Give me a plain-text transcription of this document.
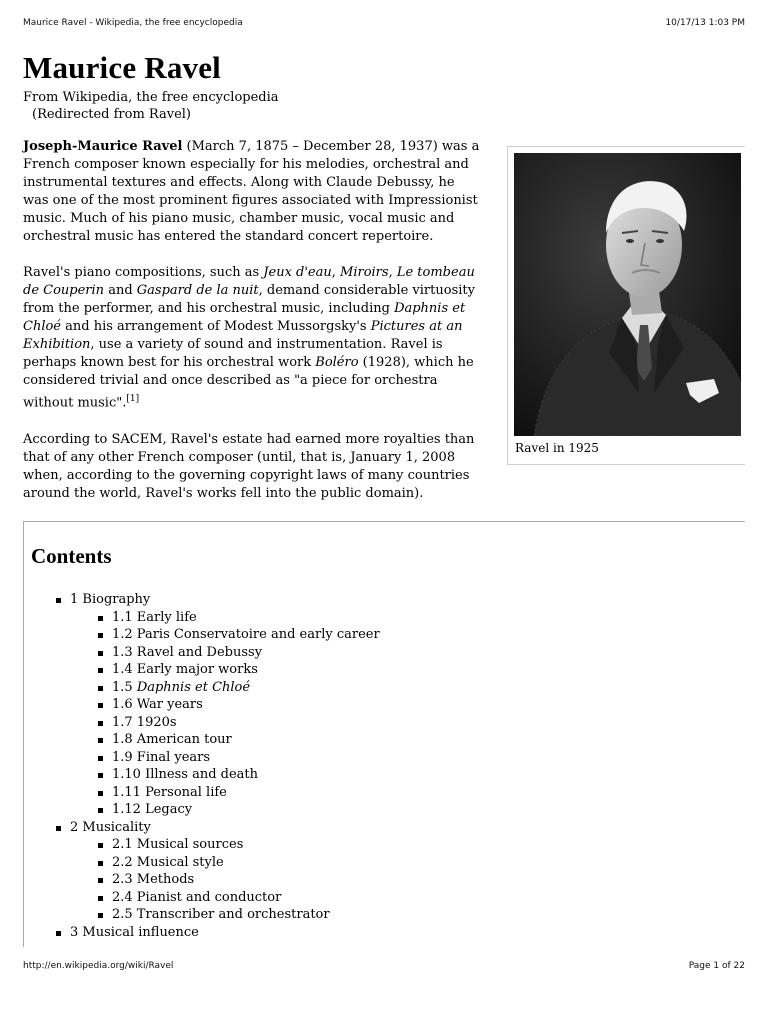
Maurice Ravel - Wikipedia, the free encyclopedia	10/17/13 1:03 PM
Maurice Ravel
From Wikipedia, the free encyclopedia
(Redirected from Ravel)

Joseph-Maurice Ravel (March 7, 1875 – December 28, 1937) was a French composer known especially for his melodies, orchestral and instrumental textures and effects. Along with Claude Debussy, he was one of the most prominent figures associated with Impressionist music. Much of his piano music, chamber music, vocal music and orchestral music has entered the standard concert repertoire.

Ravel's piano compositions, such as Jeux d'eau, Miroirs, Le tombeau de Couperin and Gaspard de la nuit, demand considerable virtuosity from the performer, and his orchestral music, including Daphnis et Chloé and his arrangement of Modest Mussorgsky's Pictures at an Exhibition, use a variety of sound and instrumentation. Ravel is perhaps known best for his orchestral work Boléro (1928), which he considered trivial and once described as "a piece for orchestra without music".[1]

According to SACEM, Ravel's estate had earned more royalties than that of any other French composer (until, that is, January 1, 2008 when, according to the governing copyright laws of many countries around the world, Ravel's works fell into the public domain).

Ravel in 1925
Contents
1 Biography
1.1 Early life
1.2 Paris Conservatoire and early career
1.3 Ravel and Debussy
1.4 Early major works
1.5 Daphnis et Chloé
1.6 War years
1.7 1920s
1.8 American tour
1.9 Final years
1.10 Illness and death
1.11 Personal life
1.12 Legacy
2 Musicality
2.1 Musical sources
2.2 Musical style
2.3 Methods
2.4 Pianist and conductor
2.5 Transcriber and orchestrator
3 Musical influence
http://en.wikipedia.org/wiki/Ravel	Page 1 of 22
